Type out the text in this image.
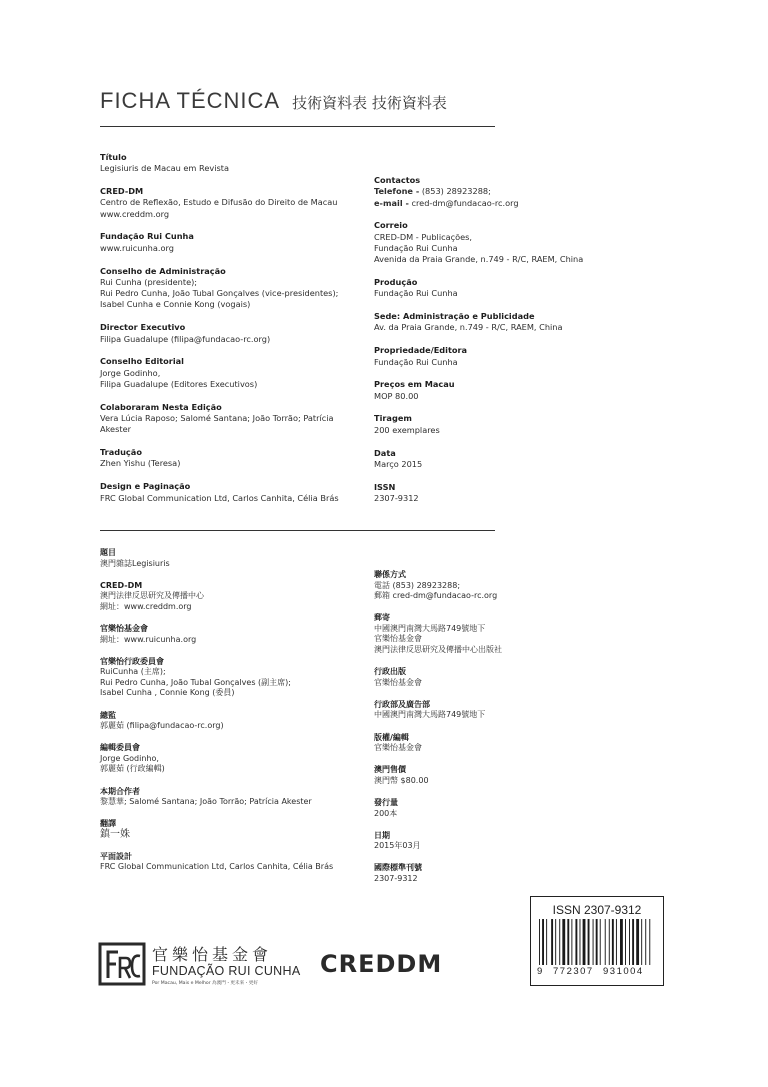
FICHA TÉCNICA 技術資料表 技術資料表
Título
Legisiuris de Macau em Revista
CRED-DM
Centro de Reflexão, Estudo e Difusão do Direito de Macau
www.creddm.org
Fundação Rui Cunha
www.ruicunha.org
Conselho de Administração
Rui Cunha (presidente);
Rui Pedro Cunha, João Tubal Gonçalves (vice-presidentes);
Isabel Cunha e Connie Kong (vogais)
Director Executivo
Filipa Guadalupe (filipa@fundacao-rc.org)
Conselho Editorial
Jorge Godinho,
Filipa Guadalupe (Editores Executivos)
Colaboraram Nesta Edição
Vera Lúcia Raposo; Salomé Santana; João Torrão; Patrícia
Akester
Tradução
Zhen Yishu (Teresa)
Design e Paginação
FRC Global Communication Ltd, Carlos Canhita, Célia Brás
Contactos
Telefone - (853) 28923288;
e-mail - cred-dm@fundacao-rc.org
Correio
CRED-DM - Publicações,
Fundação Rui Cunha
Avenida da Praia Grande, n.749 - R/C, RAEM, China
Produção
Fundação Rui Cunha
Sede: Administração e Publicidade
Av. da Praia Grande, n.749 - R/C, RAEM, China
Propriedade/Editora
Fundação Rui Cunha
Preços em Macau
MOP 80.00
Tiragem
200 exemplares
Data
Março 2015
ISSN
2307-9312
題目
澳門雜誌Legisiuris
CRED-DM
澳門法律反思研究及傳播中心
網址：www.creddm.org
官樂怡基金會
網址：www.ruicunha.org
官樂怡行政委員會
RuiCunha (主席);
Rui Pedro Cunha, João Tubal Gonçalves (副主席);
Isabel Cunha , Connie Kong (委員)
總監
郭麗茹 (filipa@fundacao-rc.org)
編輯委員會
Jorge Godinho,
郭麗茹 (行政編輯)
本期合作者
黎慧華; Salomé Santana; João Torrão; Patrícia Akester
翻譯
鎮一姝
平面設計
FRC Global Communication Ltd, Carlos Canhita, Célia Brás
聯係方式
電話 (853) 28923288;
郵箱 cred-dm@fundacao-rc.org
郵寄
中國澳門南灣大馬路749號地下
官樂怡基金會
澳門法律反思研究及傳播中心出版社
行政出版
官樂怡基金會
行政部及廣告部
中國澳門南灣大馬路749號地下
版權/編輯
官樂怡基金會
澳門售價
澳門幣 $80.00
發行量
200本
日期
2015年03月
國際標準刊號
2307-9312
ISSN 2307-9312
9 772307 931004
官樂怡基金會
FUNDAÇÃO RUI CUNHA
Por Macau, Mais e Melhor 為澳門・更未來・更好
CREDDM
